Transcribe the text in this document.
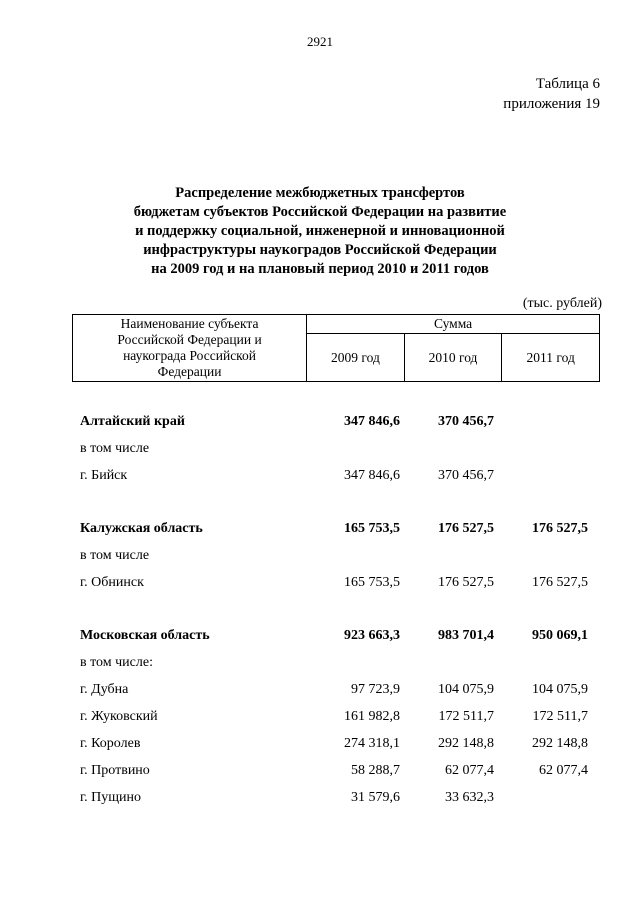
2921
Таблица 6
приложения 19
Распределение межбюджетных трансфертов
бюджетам субъектов Российской Федерации на развитие
и поддержку социальной, инженерной и инновационной
инфраструктуры наукоградов Российской Федерации
на 2009 год и на плановый период 2010 и 2011 годов
(тыс. рублей)
Наименование субъекта
Российской Федерации и
наукограда Российской
Федерации	Сумма		
	2009 год	2010 год	2011 год
Алтайский край	347 846,6	370 456,7
в том числе
г. Бийск	347 846,6	370 456,7
Калужская область	165 753,5	176 527,5	176 527,5
в том числе
г. Обнинск	165 753,5	176 527,5	176 527,5
Московская область	923 663,3	983 701,4	950 069,1
в том числе:
г. Дубна	97 723,9	104 075,9	104 075,9
г. Жуковский	161 982,8	172 511,7	172 511,7
г. Королев	274 318,1	292 148,8	292 148,8
г. Протвино	58 288,7	62 077,4	62 077,4
г. Пущино	31 579,6	33 632,3
